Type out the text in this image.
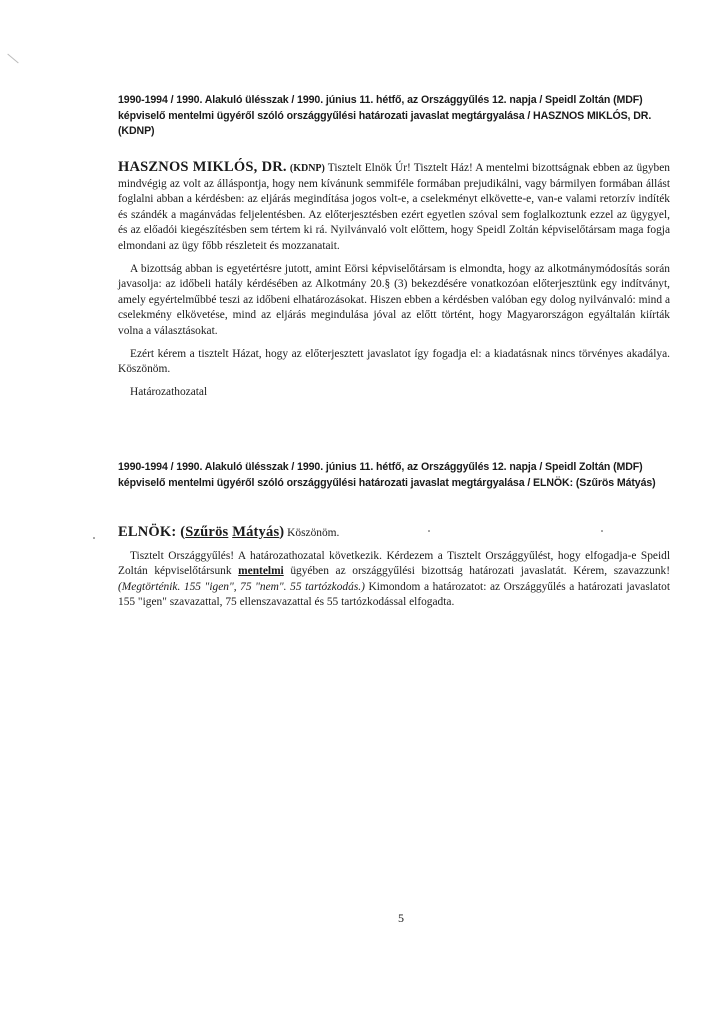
1990-1994 / 1990. Alakuló ülésszak / 1990. június 11. hétfő, az Országgyűlés 12. napja / Speidl Zoltán (MDF) képviselő mentelmi ügyéről szóló országgyűlési határozati javaslat megtárgyalása / HASZNOS MIKLÓS, DR. (KDNP)

HASZNOS MIKLÓS, DR. (KDNP) Tisztelt Elnök Úr! Tisztelt Ház! A mentelmi bizottságnak ebben az ügyben mindvégig az volt az álláspontja, hogy nem kívánunk semmiféle formában prejudikálni, vagy bármilyen formában állást foglalni abban a kérdésben: az eljárás megindítása jogos volt-e, a cselekményt elkövette-e, van-e valami retorzív indíték és szándék a magánvádas feljelentésben. Az előterjesztésben ezért egyetlen szóval sem foglalkoztunk ezzel az ügygyel, és az előadói kiegészítésben sem tértem ki rá. Nyilvánvaló volt előttem, hogy Speidl Zoltán képviselőtársam maga fogja elmondani az ügy főbb részleteit és mozzanatait.

A bizottság abban is egyetértésre jutott, amint Eörsi képviselőtársam is elmondta, hogy az alkotmánymódosítás során javasolja: az időbeli hatály kérdésében az Alkotmány 20.§ (3) bekezdésére vonatkozóan előterjesztünk egy indítványt, amely egyértelműbbé teszi az időbeni elhatározásokat. Hiszen ebben a kérdésben valóban egy dolog nyilvánvaló: mind a cselekmény elkövetése, mind az eljárás megindulása jóval az előtt történt, hogy Magyarországon egyáltalán kiírták volna a választásokat.

Ezért kérem a tisztelt Házat, hogy az előterjesztett javaslatot így fogadja el: a kiadatásnak nincs törvényes akadálya. Köszönöm.

Határozathozatal

1990-1994 / 1990. Alakuló ülésszak / 1990. június 11. hétfő, az Országgyűlés 12. napja / Speidl Zoltán (MDF) képviselő mentelmi ügyéről szóló országgyűlési határozati javaslat megtárgyalása / ELNÖK: (Szűrös Mátyás)

ELNÖK: (Szűrös Mátyás) Köszönöm.

Tisztelt Országgyűlés! A határozathozatal következik. Kérdezem a Tisztelt Országgyűlést, hogy elfogadja-e Speidl Zoltán képviselőtársunk mentelmi ügyében az országgyűlési bizottság határozati javaslatát. Kérem, szavazzunk! (Megtörténik. 155 "igen", 75 "nem". 55 tartózkodás.) Kimondom a határozatot: az Országgyűlés a határozati javaslatot 155 "igen" szavazattal, 75 ellenszavazattal és 55 tartózkodással elfogadta.

5
